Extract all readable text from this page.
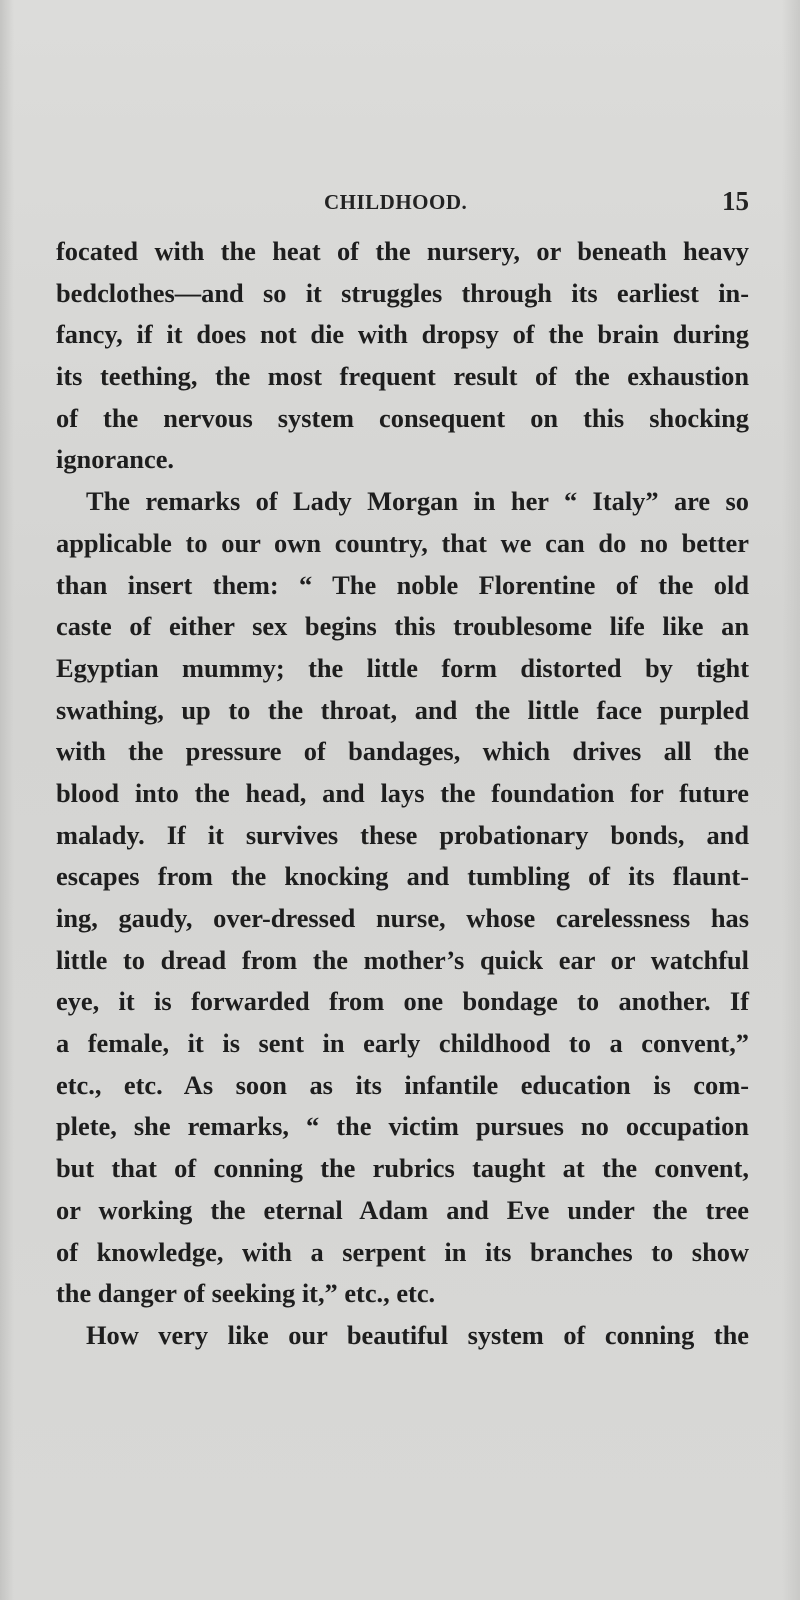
CHILDHOOD.	15
focated with the heat of the nursery, or beneath heavy
bedclothes—and so it struggles through its earliest in-
fancy, if it does not die with dropsy of the brain during
its teething, the most frequent result of the exhaustion
of the nervous system consequent on this shocking
ignorance.
The remarks of Lady Morgan in her “ Italy” are so
applicable to our own country, that we can do no better
than insert them: “ The noble Florentine of the old
caste of either sex begins this troublesome life like an
Egyptian mummy; the little form distorted by tight
swathing, up to the throat, and the little face purpled
with the pressure of bandages, which drives all the
blood into the head, and lays the foundation for future
malady. If it survives these probationary bonds, and
escapes from the knocking and tumbling of its flaunt-
ing, gaudy, over-dressed nurse, whose carelessness has
little to dread from the mother’s quick ear or watchful
eye, it is forwarded from one bondage to another. If
a female, it is sent in early childhood to a convent,”
etc., etc. As soon as its infantile education is com-
plete, she remarks, “ the victim pursues no occupation
but that of conning the rubrics taught at the convent,
or working the eternal Adam and Eve under the tree
of knowledge, with a serpent in its branches to show
the danger of seeking it,” etc., etc.
How very like our beautiful system of conning the
